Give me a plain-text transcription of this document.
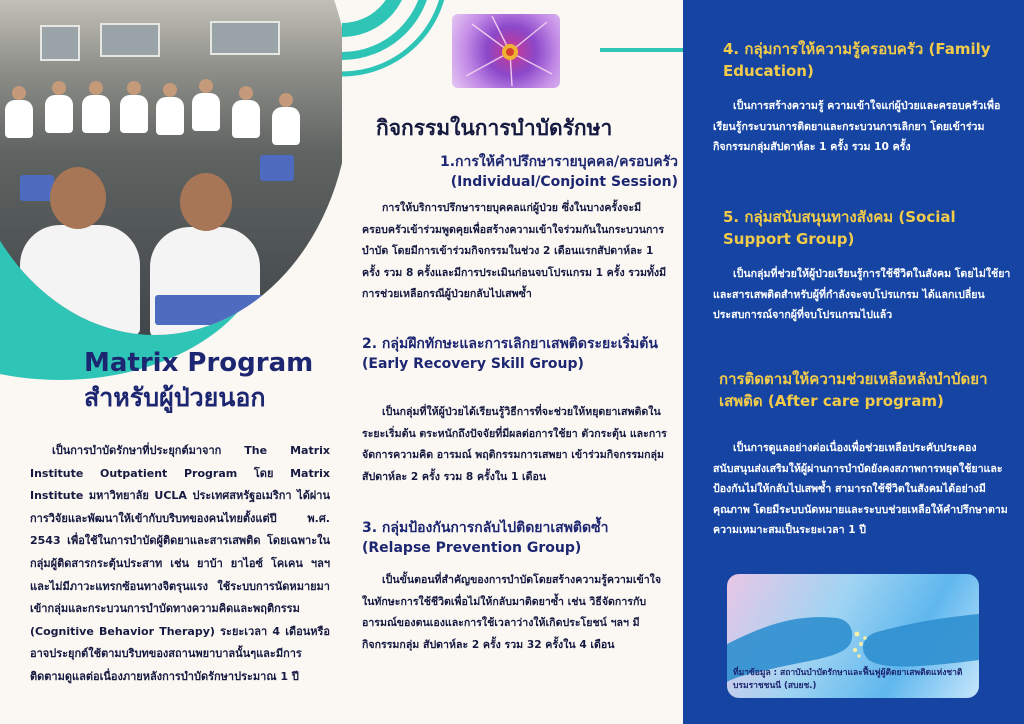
Matrix Program
สำหรับผู้ป่วยนอก

เป็นการบำบัดรักษาที่ประยุกต์มาจาก The Matrix Institute Outpatient Program โดย Matrix Institute มหาวิทยาลัย UCLA ประเทศสหรัฐอเมริกา ได้ผ่านการวิจัยและพัฒนาให้เข้ากับบริบทของคนไทยตั้งแต่ปี พ.ศ. 2543 เพื่อใช้ในการบำบัดผู้ติดยาและสารเสพติด โดยเฉพาะในกลุ่มผู้ติดสารกระตุ้นประสาท เช่น ยาบ้า ยาไอซ์ โคเคน ฯลฯ และไม่มีภาวะแทรกซ้อนทางจิตรุนแรง ใช้ระบบการนัดหมายมาเข้ากลุ่มและกระบวนการบำบัดทางความคิดและพฤติกรรม (Cognitive Behavior Therapy) ระยะเวลา 4 เดือนหรืออาจประยุกต์ใช้ตามบริบทของสถานพยาบาลนั้นๆและมีการติดตามดูแลต่อเนื่องภายหลังการบำบัดรักษาประมาณ 1 ปี

กิจกรรมในการบำบัดรักษา
1.การให้คำปรึกษารายบุคคล/ครอบครัว (Individual/Conjoint Session)

การให้บริการปรึกษารายบุคคลแก่ผู้ป่วย ซึ่งในบางครั้งจะมีครอบครัวเข้าร่วมพูดคุยเพื่อสร้างความเข้าใจร่วมกันในกระบวนการบำบัด โดยมีการเข้าร่วมกิจกรรมในช่วง 2 เดือนแรกสัปดาห์ละ 1 ครั้ง รวม 8 ครั้งและมีการประเมินก่อนจบโปรแกรม 1 ครั้ง รวมทั้งมีการช่วยเหลือกรณีผู้ป่วยกลับไปเสพซ้ำ

2. กลุ่มฝึกทักษะและการเลิกยาเสพติดระยะเริ่มต้น (Early Recovery Skill Group)

เป็นกลุ่มที่ให้ผู้ป่วยได้เรียนรู้วิธีการที่จะช่วยให้หยุดยาเสพติดในระยะเริ่มต้น ตระหนักถึงปัจจัยที่มีผลต่อการใช้ยา ตัวกระตุ้น และการจัดการความคิด อารมณ์ พฤติกรรมการเสพยา เข้าร่วมกิจกรรมกลุ่ม สัปดาห์ละ 2 ครั้ง รวม 8 ครั้งใน 1 เดือน

3. กลุ่มป้องกันการกลับไปติดยาเสพติดซ้ำ (Relapse Prevention Group)

เป็นขั้นตอนที่สำคัญของการบำบัดโดยสร้างความรู้ความเข้าใจในทักษะการใช้ชีวิตเพื่อไม่ให้กลับมาติดยาซ้ำ เช่น วิธีจัดการกับอารมณ์ของตนเองและการใช้เวลาว่างให้เกิดประโยชน์ ฯลฯ มีกิจกรรมกลุ่ม สัปดาห์ละ 2 ครั้ง รวม 32 ครั้งใน 4 เดือน

4. กลุ่มการให้ความรู้ครอบครัว (Family Education)

เป็นการสร้างความรู้ ความเข้าใจแก่ผู้ป่วยและครอบครัวเพื่อเรียนรู้กระบวนการติดยาและกระบวนการเลิกยา โดยเข้าร่วมกิจกรรมกลุ่มสัปดาห์ละ 1 ครั้ง รวม 10 ครั้ง

5. กลุ่มสนับสนุนทางสังคม (Social Support Group)

เป็นกลุ่มที่ช่วยให้ผู้ป่วยเรียนรู้การใช้ชีวิตในสังคม โดยไม่ใช้ยาและสารเสพติดสำหรับผู้ที่กำลังจะจบโปรแกรม ได้แลกเปลี่ยนประสบการณ์จากผู้ที่จบโปรแกรมไปแล้ว

การติดตามให้ความช่วยเหลือหลังบำบัดยาเสพติด (After care program)

เป็นการดูแลอย่างต่อเนื่องเพื่อช่วยเหลือประคับประคองสนับสนุนส่งเสริมให้ผู้ผ่านการบำบัดยังคงสภาพการหยุดใช้ยาและป้องกันไม่ให้กลับไปเสพซ้ำ สามารถใช้ชีวิตในสังคมได้อย่างมีคุณภาพ โดยมีระบบนัดหมายและระบบช่วยเหลือให้คำปรึกษาตามความเหมาะสมเป็นระยะเวลา 1 ปี

ที่มาข้อมูล : สถาบันบำบัดรักษาและฟื้นฟูผู้ติดยาเสพติดแห่งชาติบรมราชชนนี (สบยช.)
